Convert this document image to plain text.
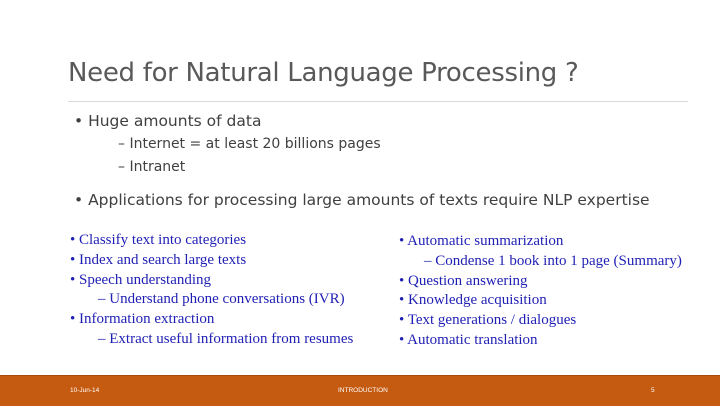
Need for Natural Language Processing ?
• Huge amounts of data
– Internet = at least 20 billions pages
– Intranet
• Applications for processing large amounts of texts require NLP expertise
• Classify text into categories
• Index and search large texts
• Speech understanding
– Understand phone conversations (IVR)
• Information extraction
– Extract useful information from resumes
• Automatic summarization
– Condense 1 book into 1 page (Summary)
• Question answering
• Knowledge acquisition
• Text generations / dialogues
• Automatic translation
10-Jun-14	INTRODUCTION	5
